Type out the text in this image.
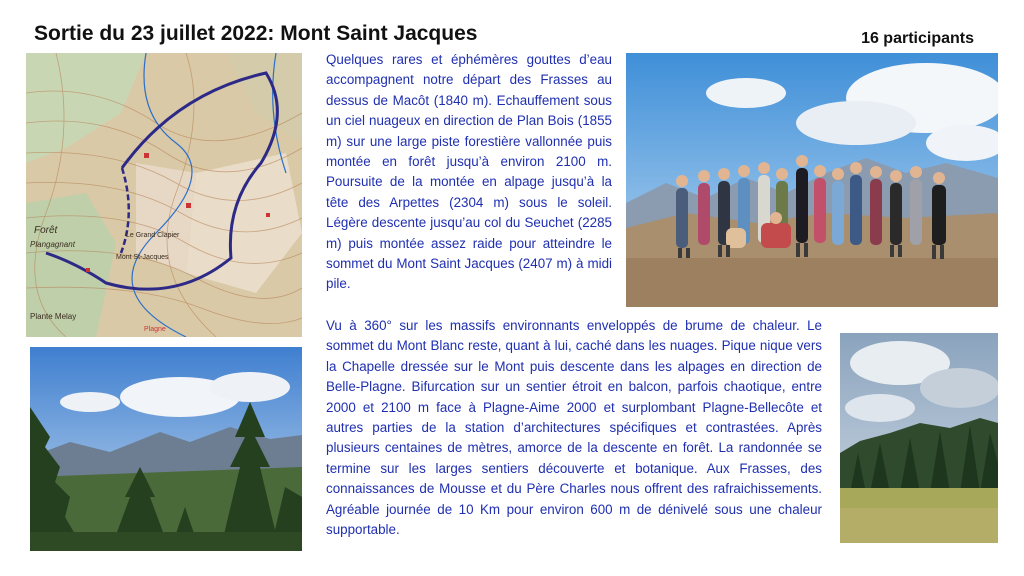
Sortie du 23 juillet 2022: Mont Saint Jacques	16 participants
Forêt
Plangagnant
Le Grand Clapier
Mont St-Jacques
Plante Melay
Plagne
Quelques rares et éphémères gouttes d’eau accompagnent notre départ des Frasses au dessus de Macôt (1840 m). Echauffement sous un ciel nuageux en direction de Plan Bois (1855 m) sur une large piste forestière vallonnée puis montée en forêt jusqu’à environ 2100 m. Poursuite de la montée en alpage jusqu’à la tête des Arpettes (2304 m) sous le soleil. Légère descente jusqu’au col du Seuchet (2285 m) puis montée assez raide pour atteindre le sommet du Mont Saint Jacques (2407 m) à midi pile.
Vu à 360° sur les massifs environnants enveloppés de brume de chaleur. Le sommet du Mont Blanc reste, quant à lui, caché dans les nuages. Pique nique vers la Chapelle dressée sur le Mont puis descente dans les alpages en direction de Belle-Plagne. Bifurcation sur un sentier étroit en balcon, parfois chaotique, entre 2000 et 2100 m face à Plagne-Aime 2000 et surplombant Plagne-Bellecôte et autres parties de la station d’architectures spécifiques et contrastées. Après plusieurs centaines de mètres, amorce de la descente en forêt. La randonnée se termine sur les larges sentiers découverte et botanique. Aux Frasses, des connaissances de Mousse et du Père Charles nous offrent des rafraichissements. Agréable journée de 10 Km pour environ 600 m de dénivelé sous une chaleur supportable.
